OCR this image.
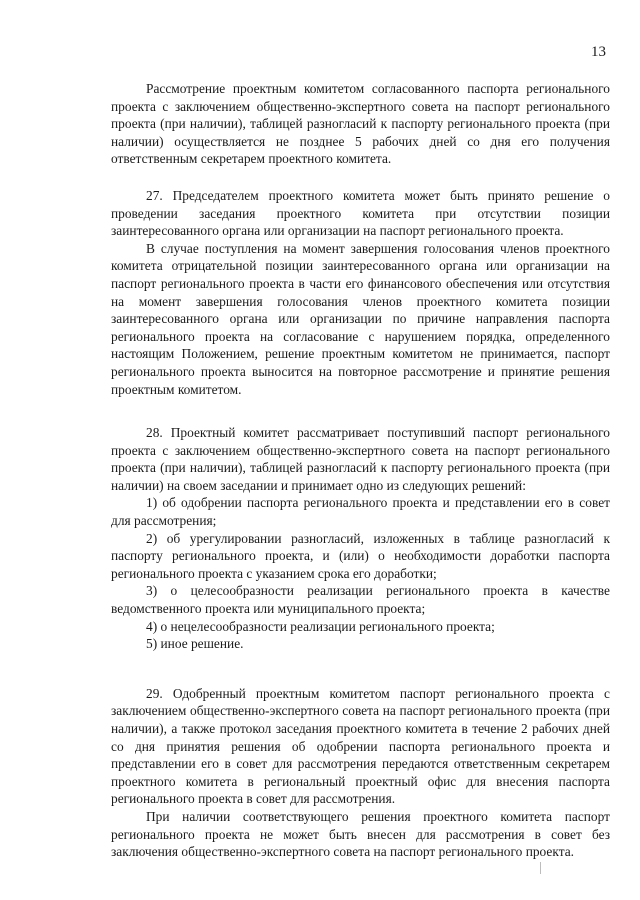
13

Рассмотрение проектным комитетом согласованного паспорта регионального проекта с заключением общественно-экспертного совета на паспорт регионального проекта (при наличии), таблицей разногласий к паспорту регионального проекта (при наличии) осуществляется не позднее 5 рабочих дней со дня его получения ответственным секретарем проектного комитета.

27. Председателем проектного комитета может быть принято решение о проведении заседания проектного комитета при отсутствии позиции заинтересованного органа или организации на паспорт регионального проекта.

В случае поступления на момент завершения голосования членов проектного комитета отрицательной позиции заинтересованного органа или организации на паспорт регионального проекта в части его финансового обеспечения или отсутствия на момент завершения голосования членов проектного комитета позиции заинтересованного органа или организации по причине направления паспорта регионального проекта на согласование с нарушением порядка, определенного настоящим Положением, решение проектным комитетом не принимается, паспорт регионального проекта выносится на повторное рассмотрение и принятие решения проектным комитетом.

28. Проектный комитет рассматривает поступивший паспорт регионального проекта с заключением общественно-экспертного совета на паспорт регионального проекта (при наличии), таблицей разногласий к паспорту регионального проекта (при наличии) на своем заседании и принимает одно из следующих решений:

1) об одобрении паспорта регионального проекта и представлении его в совет для рассмотрения;

2) об урегулировании разногласий, изложенных в таблице разногласий к паспорту регионального проекта, и (или) о необходимости доработки паспорта регионального проекта с указанием срока его доработки;

3) о целесообразности реализации регионального проекта в качестве ведомственного проекта или муниципального проекта;

4) о нецелесообразности реализации регионального проекта;

5) иное решение.

29. Одобренный проектным комитетом паспорт регионального проекта с заключением общественно-экспертного совета на паспорт регионального проекта (при наличии), а также протокол заседания проектного комитета в течение 2 рабочих дней со дня принятия решения об одобрении паспорта регионального проекта и представлении его в совет для рассмотрения передаются ответственным секретарем проектного комитета в региональный проектный офис для внесения паспорта регионального проекта в совет для рассмотрения.

При наличии соответствующего решения проектного комитета паспорт регионального проекта не может быть внесен для рассмотрения в совет без заключения общественно-экспертного совета на паспорт регионального проекта.
